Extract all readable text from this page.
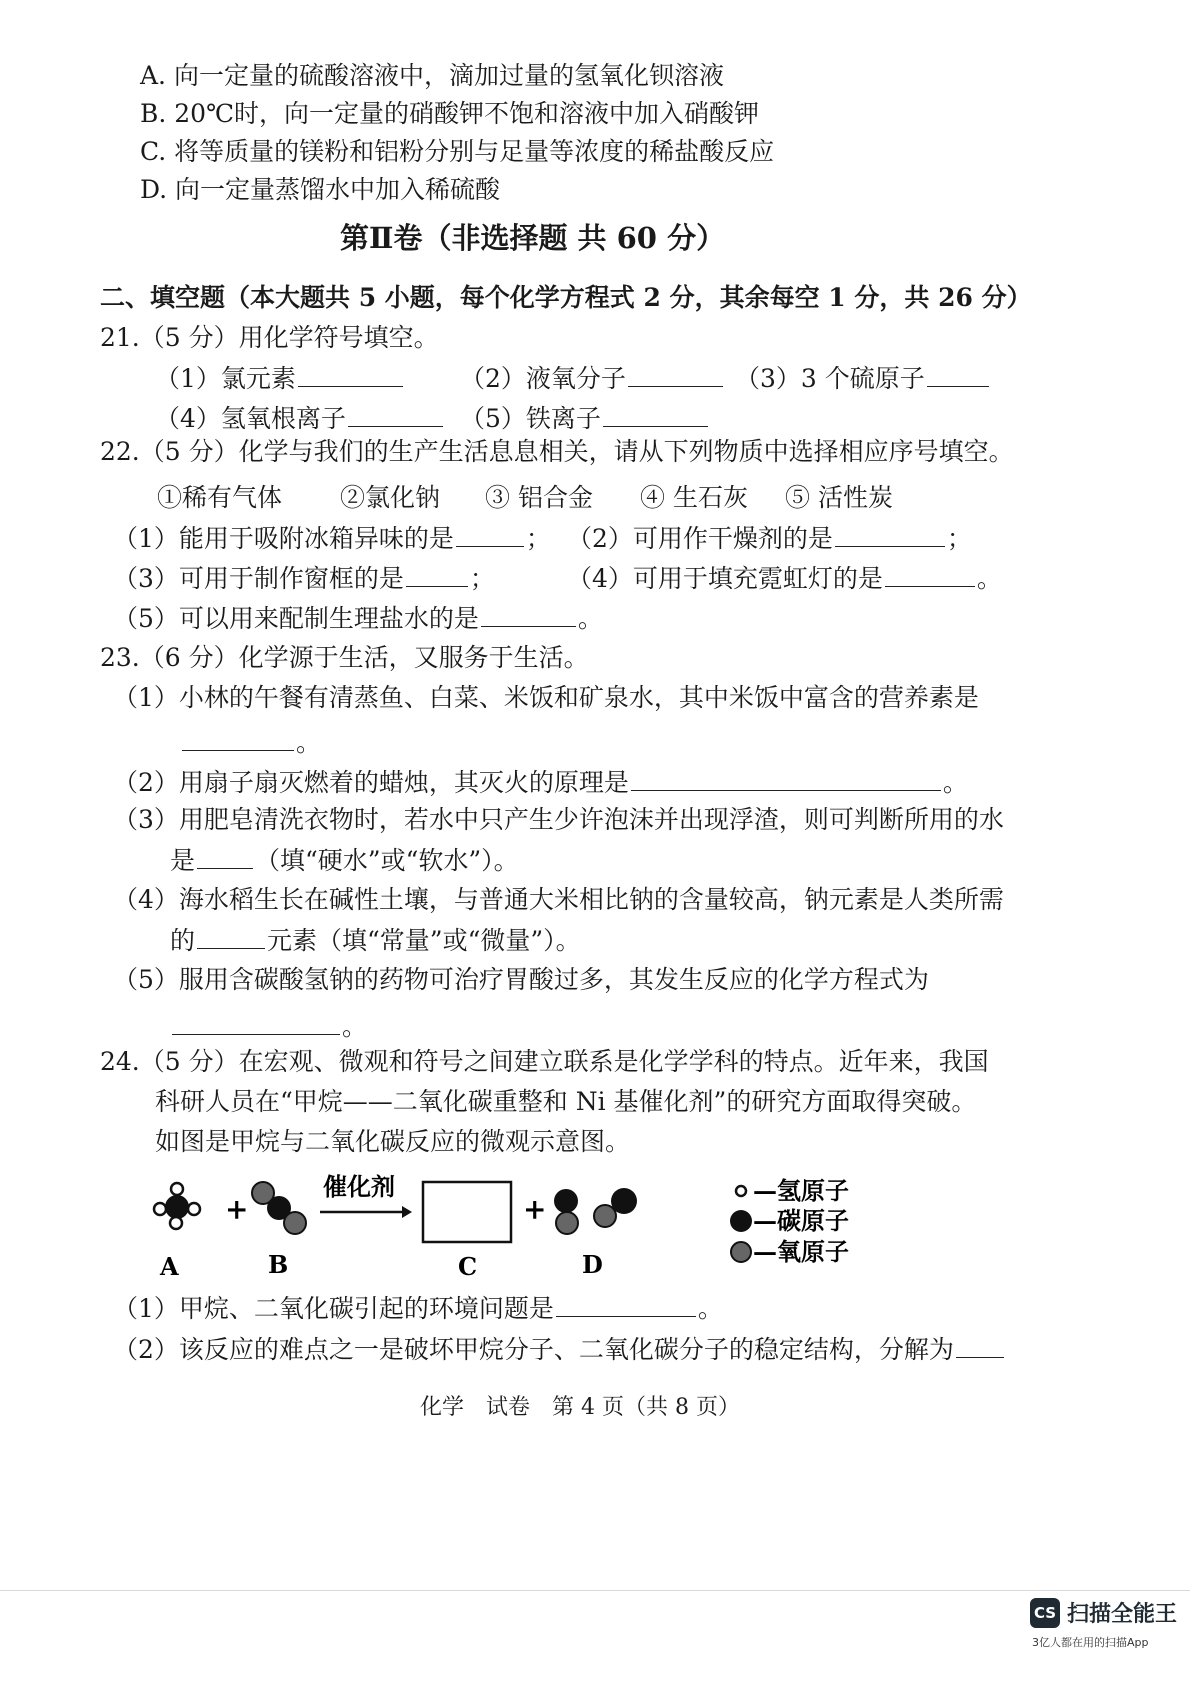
A. 向一定量的硫酸溶液中，滴加过量的氢氧化钡溶液
B. 20℃时，向一定量的硝酸钾不饱和溶液中加入硝酸钾
C. 将等质量的镁粉和铝粉分别与足量等浓度的稀盐酸反应
D. 向一定量蒸馏水中加入稀硫酸
第Ⅱ卷（非选择题 共 60 分）
二、填空题（本大题共 5 小题，每个化学方程式 2 分，其余每空 1 分，共 26 分）
21.（5 分）用化学符号填空。
（1）氯元素	（2）液氧分子	（3）3 个硫原子
（4）氢氧根离子	（5）铁离子
22.（5 分）化学与我们的生产生活息息相关，请从下列物质中选择相应序号填空。
①稀有气体 ②氯化钠 ③ 铝合金 ④ 生石灰 ⑤ 活性炭
（1）能用于吸附冰箱异味的是	； （2）可用作干燥剂的是	；
（3）可用于制作窗框的是	；	（4）可用于填充霓虹灯的是	。
（5）可以用来配制生理盐水的是	。
23.（6 分）化学源于生活，又服务于生活。
（1）小林的午餐有清蒸鱼、白菜、米饭和矿泉水，其中米饭中富含的营养素是
。
（2）用扇子扇灭燃着的蜡烛，其灭火的原理是	。
（3）用肥皂清洗衣物时，若水中只产生少许泡沫并出现浮渣，则可判断所用的水
是 （填“硬水”或“软水”）。
（4）海水稻生长在碱性土壤，与普通大米相比钠的含量较高，钠元素是人类所需
的	元素（填“常量”或“微量”）。
（5）服用含碳酸氢钠的药物可治疗胃酸过多，其发生反应的化学方程式为
。
24.（5 分）在宏观、微观和符号之间建立联系是化学学科的特点。近年来，我国
科研人员在“甲烷——二氧化碳重整和 Ni 基催化剂”的研究方面取得突破。
如图是甲烷与二氧化碳反应的微观示意图。
+
催化剂
+
A	B	C	D
—氢原子
—碳原子
—氧原子
（1）甲烷、二氧化碳引起的环境问题是	。
（2）该反应的难点之一是破坏甲烷分子、二氧化碳分子的稳定结构，分解为
化学　试卷　第 4 页（共 8 页）
CS 扫描全能王
3亿人都在用的扫描App
